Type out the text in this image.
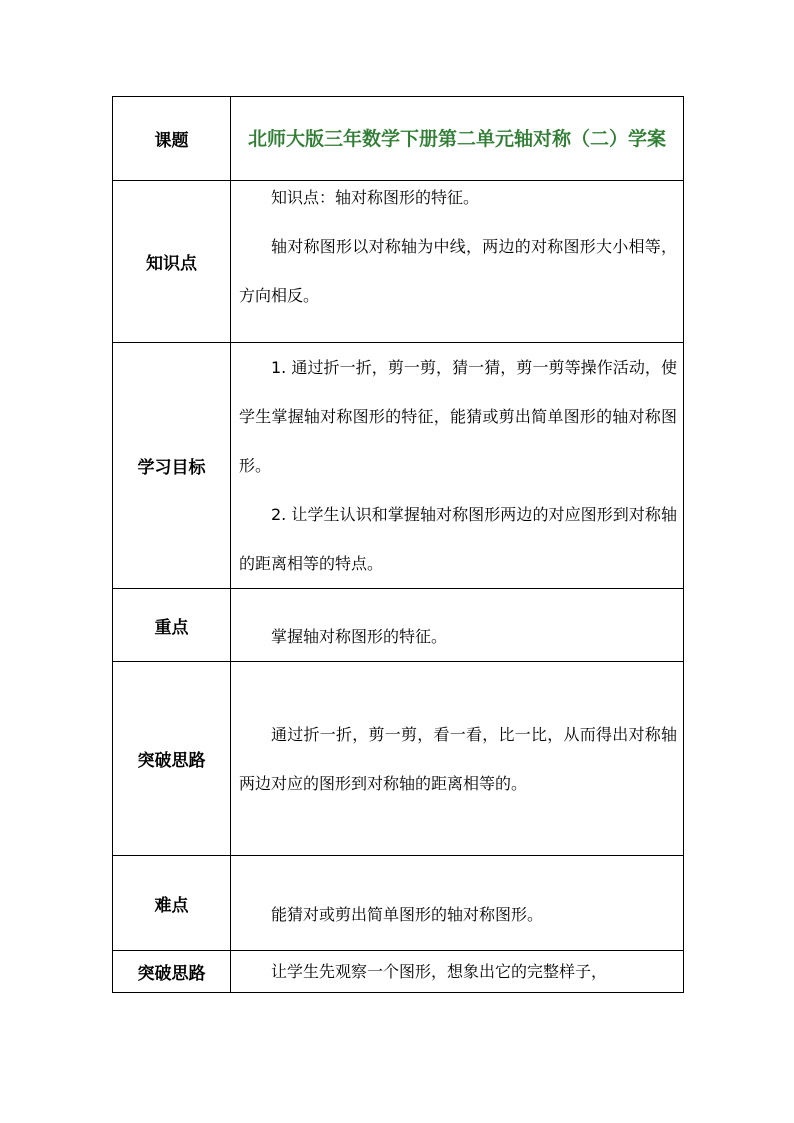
课题	北师大版三年数学下册第二单元轴对称（二）学案

知识点	知识点：轴对称图形的特征。
轴对称图形以对称轴为中线，两边的对称图形大小相等，方向相反。

学习目标	1. 通过折一折，剪一剪，猜一猜，剪一剪等操作活动，使学生掌握轴对称图形的特征，能猜或剪出简单图形的轴对称图形。
2. 让学生认识和掌握轴对称图形两边的对应图形到对称轴的距离相等的特点。

重点	掌握轴对称图形的特征。

突破思路	通过折一折，剪一剪，看一看，比一比，从而得出对称轴两边对应的图形到对称轴的距离相等的。

难点	能猜对或剪出简单图形的轴对称图形。

突破思路	让学生先观察一个图形，想象出它的完整样子，
